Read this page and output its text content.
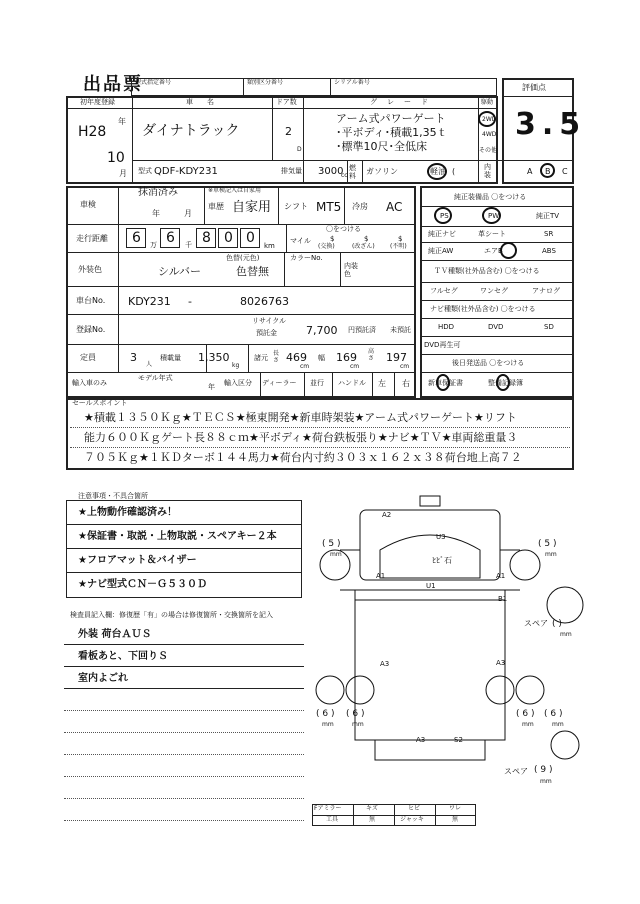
出品票
型式指定番号	類別区分番号	シリアル番号
評価点
3.5
初年度登録
H28
年
10
月
車名
ダイナトラック
ドア数
2
D
グレード
アーム式パワーゲート
･平ボディ･積載1,35ｔ
･標準10尺･全低床
駆動
2WD
4WD
その他
型式 QDF-KDY231	排気量 3000
cc
燃料	ガソリン	軽油 (	内装	A B C
車検
抹消済み
年	月
※車検記入は自家用
車歴 自家用 シフト MT5 冷房 AC
走行距離 6 6 8 0 0
万	千	km
〇をつける
マイル	$
(交換)
$
(改ざん)
$
(不明)
外装色	シルバー
色替(元色)
色替無
カラーNo.
内装色
車台No. KDY231 -	8026763
登録No.
リサイクル
預託金	7,700 円預託済 未預託
定員	3
人
積載量 1,350
kg
諸元
長さ 469
cm
幅 169
cm
高さ 197
cm
輸入車のみ
モデル年式
年 輸入区分 ディーラー 並行 ハンドル 左 右
純正装備品 〇をつける
PS	PW	純正TV
純正ナビ	革シート	SR
純正AW	エアB	ABS
ＴＶ種類(社外品含む) 〇をつける
フルセグ	ワンセグ	アナログ
ナビ種類(社外品含む) 〇をつける
HDD	DVD	SD
DVD再生可
後日発送品 〇をつける
新車保証書	整備記録簿
セールスポイント
★積載１３５０Ｋｇ★ＴＥＣＳ★極東開発★新車時架装★アーム式パワーゲート★リフト
能力６００Ｋｇゲート長８８ｃｍ★平ボディ★荷台鉄板張り★ナビ★ＴＶ★車両総重量３
７０５Ｋｇ★１ＫＤターボ１４４馬力★荷台内寸約３０３ｘ１６２ｘ３８荷台地上高７２
注意事項・不具合箇所
★上物動作確認済み！
★保証書・取説・上物取説・スペアキー２本
★フロアマット＆バイザー
★ナビ型式ＣＮ－Ｇ５３０Ｄ
検査員記入欄：修復歴「有」の場合は修復箇所・交換箇所を記入
外装 荷台ＡＵＳ
看板あと、下回りＳ
室内よごれ
A2
U3
ﾋﾋﾞ石
U1
A1	A1
B1
A3	A3
A3	S2
( 5 )
mm
( 5 )
mm
( 6 )
mm
( 6 )
mm
( 6 )
mm
( 6 )
mm
スペア ( )
mm
スペア ( 9 )
mm
Fアミラー	キズ	ヒビ	ワレ
工具	無	ジャッキ	無
